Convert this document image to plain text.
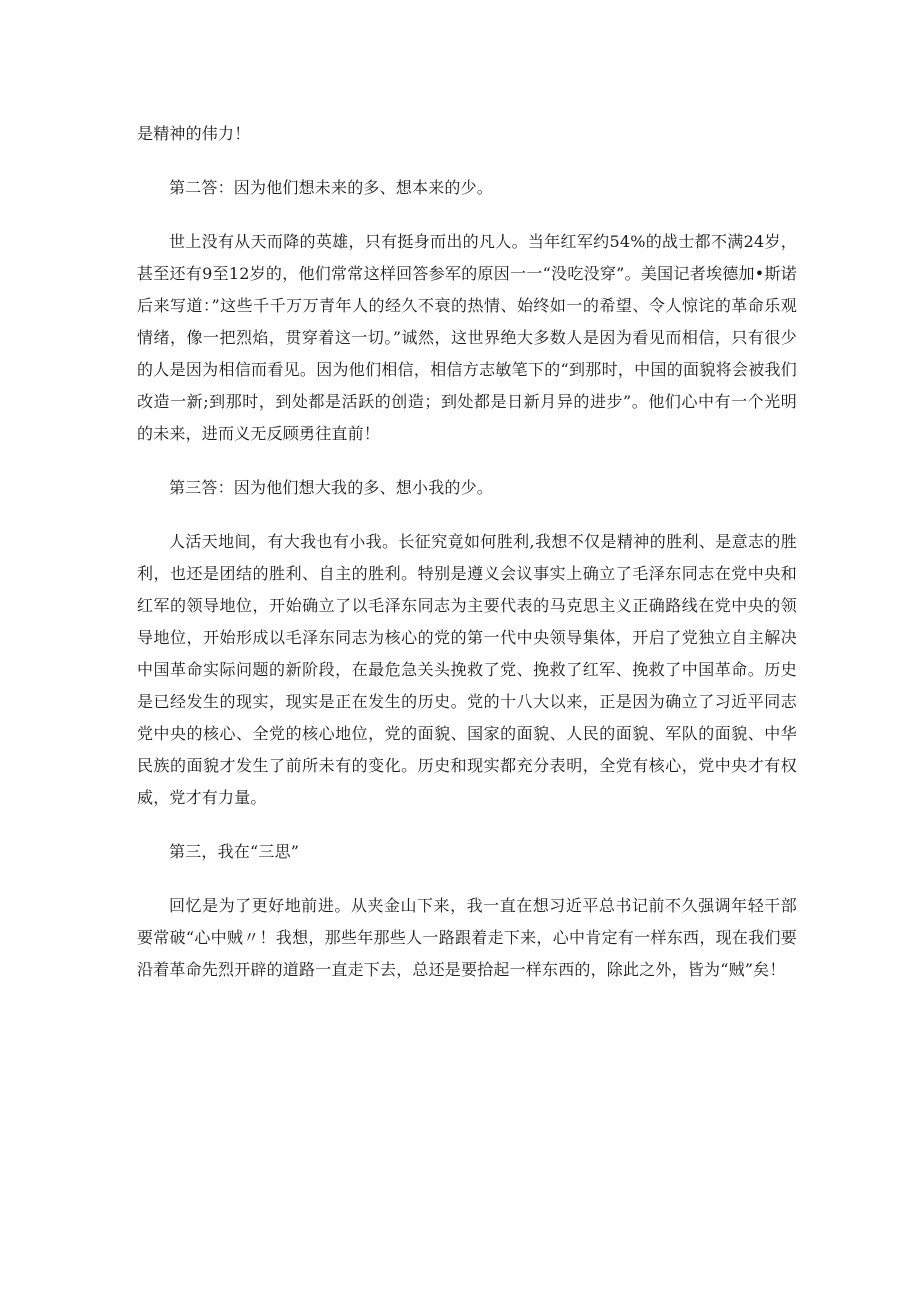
是精神的伟力！

第二答：因为他们想未来的多、想本来的少。

世上没有从天而降的英雄，只有挺身而出的凡人。当年红军约54%的战士都不满24岁，甚至还有9至12岁的，他们常常这样回答参军的原因一一“没吃没穿”。美国记者埃德加•斯诺后来写道：”这些千千万万青年人的经久不衰的热情、始终如一的希望、令人惊诧的革命乐观情绪，像一把烈焰，贯穿着这一切。”诚然，这世界绝大多数人是因为看见而相信，只有很少的人是因为相信而看见。因为他们相信，相信方志敏笔下的“到那时，中国的面貌将会被我们改造一新;到那时，到处都是活跃的创造；到处都是日新月异的进步”。他们心中有一个光明的未来，进而义无反顾勇往直前！

第三答：因为他们想大我的多、想小我的少。

人活天地间，有大我也有小我。长征究竟如何胜利,我想不仅是精神的胜利、是意志的胜利，也还是团结的胜利、自主的胜利。特别是遵义会议事实上确立了毛泽东同志在党中央和红军的领导地位，开始确立了以毛泽东同志为主要代表的马克思主义正确路线在党中央的领导地位，开始形成以毛泽东同志为核心的党的第一代中央领导集体，开启了党独立自主解决中国革命实际问题的新阶段，在最危急关头挽救了党、挽救了红军、挽救了中国革命。历史是已经发生的现实，现实是正在发生的历史。党的十八大以来，正是因为确立了习近平同志党中央的核心、全党的核心地位，党的面貌、国家的面貌、人民的面貌、军队的面貌、中华民族的面貌才发生了前所未有的变化。历史和现实都充分表明，全党有核心，党中央才有权威，党才有力量。

第三，我在“三思”

回忆是为了更好地前进。从夹金山下来，我一直在想习近平总书记前不久强调年轻干部要常破“心中贼〃！我想，那些年那些人一路跟着走下来，心中肯定有一样东西，现在我们要沿着革命先烈开辟的道路一直走下去，总还是要拾起一样东西的，除此之外，皆为“贼”矣！
